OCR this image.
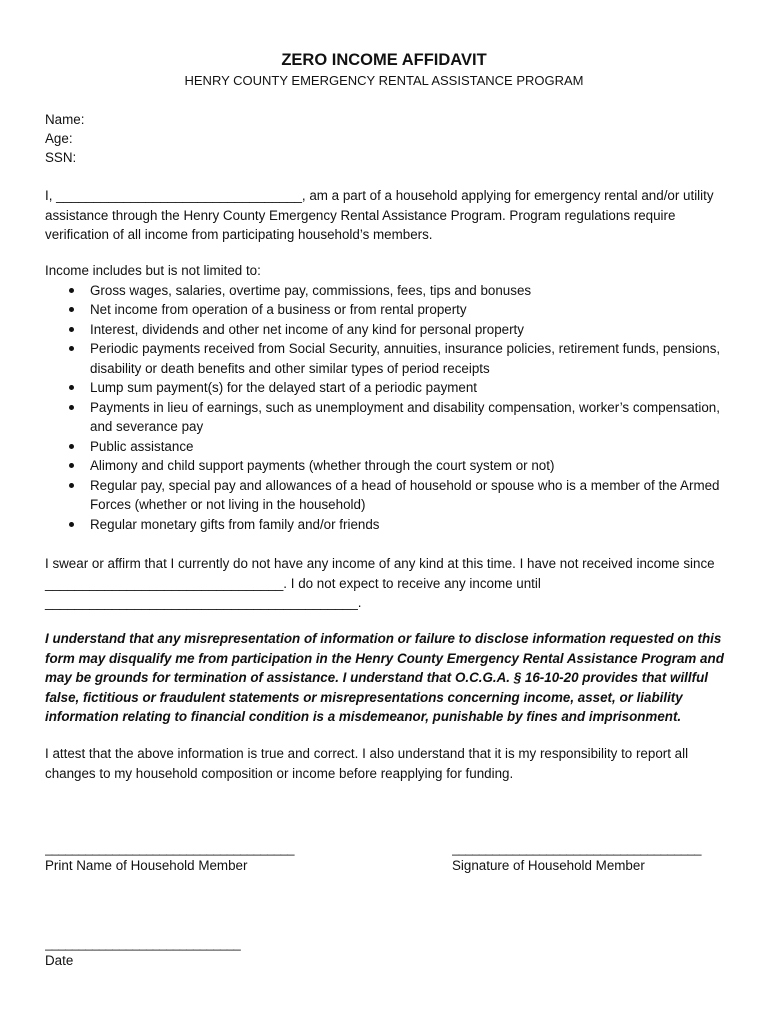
ZERO INCOME AFFIDAVIT
HENRY COUNTY EMERGENCY RENTAL ASSISTANCE PROGRAM
Name:
Age:
SSN:
I, _________________________________, am a part of a household applying for emergency rental and/or utility assistance through the Henry County Emergency Rental Assistance Program. Program regulations require verification of all income from participating household’s members.
Income includes but is not limited to:
Gross wages, salaries, overtime pay, commissions, fees, tips and bonuses
Net income from operation of a business or from rental property
Interest, dividends and other net income of any kind for personal property
Periodic payments received from Social Security, annuities, insurance policies, retirement funds, pensions, disability or death benefits and other similar types of period receipts
Lump sum payment(s) for the delayed start of a periodic payment
Payments in lieu of earnings, such as unemployment and disability compensation, worker’s compensation, and severance pay
Public assistance
Alimony and child support payments (whether through the court system or not)
Regular pay, special pay and allowances of a head of household or spouse who is a member of the Armed Forces (whether or not living in the household)
Regular monetary gifts from family and/or friends
I swear or affirm that I currently do not have any income of any kind at this time. I have not received income since ________________________________. I do not expect to receive any income until __________________________________________.
I understand that any misrepresentation of information or failure to disclose information requested on this form may disqualify me from participation in the Henry County Emergency Rental Assistance Program and may be grounds for termination of assistance. I understand that O.C.G.A. § 16-10-20 provides that willful false, fictitious or fraudulent statements or misrepresentations concerning income, asset, or liability information relating to financial condition is a misdemeanor, punishable by fines and imprisonment.
I attest that the above information is true and correct. I also understand that it is my responsibility to report all changes to my household composition or income before reapplying for funding.
_____________________________________
Print Name of Household Member
_____________________________________
Signature of Household Member
_____________________________
Date
